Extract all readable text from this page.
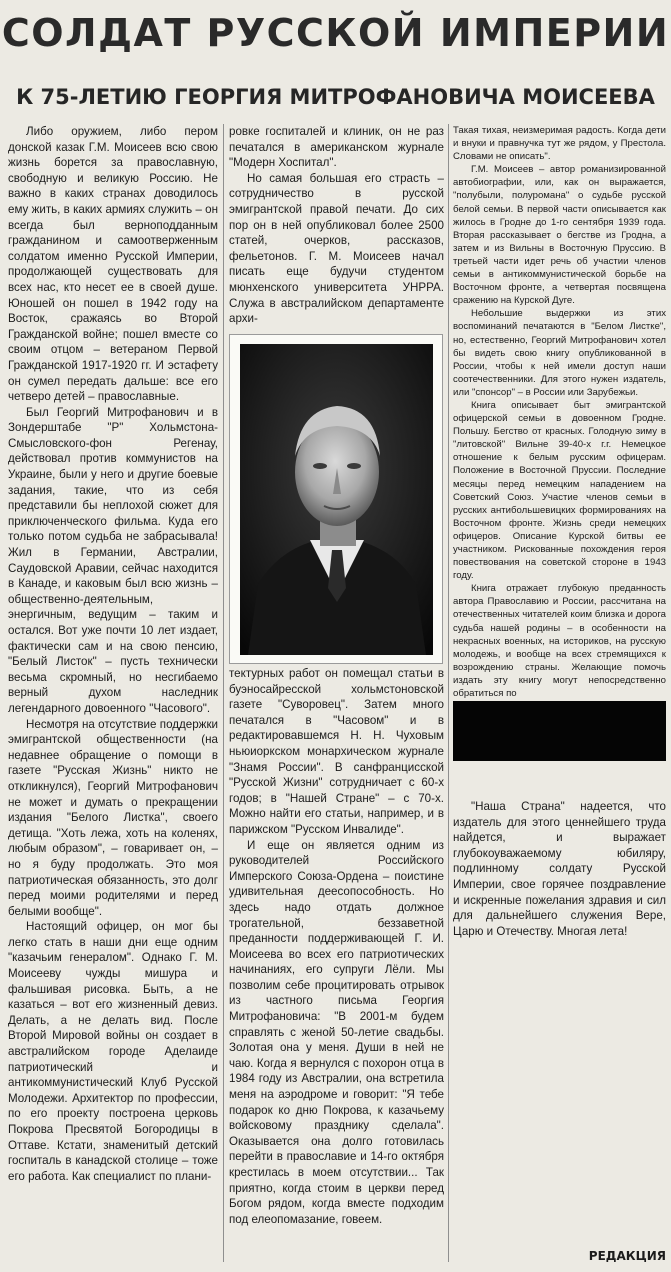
СОЛДАТ РУССКОЙ ИМПЕРИИ
К 75-ЛЕТИЮ ГЕОРГИЯ МИТРОФАНОВИЧА МОИСЕЕВА

Либо оружием, либо пером донской казак Г.М. Моисеев всю свою жизнь борется за православную, свободную и великую Россию. Не важно в каких странах доводилось ему жить, в каких армиях служить – он всегда был верноподданным гражданином и самоотверженным солдатом именно Русской Империи, продолжающей существовать для всех нас, кто несет ее в своей душе. Юношей он пошел в 1942 году на Восток, сражаясь во Второй Гражданской войне; пошел вместе со своим отцом – ветераном Первой Гражданской 1917-1920 гг. И эстафету он сумел передать дальше: все его четверо детей – православные.

Был Георгий Митрофанович и в Зондерштабе "Р" Хольмстона-Смысловского-фон Регенау, действовал против коммунистов на Украине, были у него и другие боевые задания, такие, что из себя представили бы неплохой сюжет для приключенческого фильма. Куда его только потом судьба не забрасывала! Жил в Германии, Австралии, Саудовской Аравии, сейчас находится в Канаде, и каковым был всю жизнь – общественно-деятельным, энергичным, ведущим – таким и остался. Вот уже почти 10 лет издает, фактически сам и на свою пенсию, "Белый Листок" – пусть технически весьма скромный, но несгибаемо верный духом наследник легендарного довоенного "Часового".

Несмотря на отсутствие поддержки эмигрантской общественности (на недавнее обращение о помощи в газете "Русская Жизнь" никто не откликнулся), Георгий Митрофанович не может и думать о прекращении издания "Белого Листка", своего детища. "Хоть лежа, хоть на коленях, любым образом", – говаривает он, – но я буду продолжать. Это моя патриотическая обязанность, это долг перед моими родителями и перед белыми вообще".

Настоящий офицер, он мог бы легко стать в наши дни еще одним "казачьим генералом". Однако Г. М. Моисееву чужды мишура и фальшивая рисовка. Быть, а не казаться – вот его жизненный девиз. Делать, а не делать вид. После Второй Мировой войны он создает в австралийском городе Аделаиде патриотический и антикоммунистический Клуб Русской Молодежи. Архитектор по профессии, по его проекту построена церковь Покрова Пресвятой Богородицы в Оттаве. Кстати, знаменитый детский госпиталь в канадской столице – тоже его работа. Как специалист по плани-

ровке госпиталей и клиник, он не раз печатался в американском журнале "Модерн Хоспитал".

Но самая большая его страсть – сотрудничество в русской эмигрантской правой печати. До сих пор он в ней опубликовал более 2500 статей, очерков, рассказов, фельетонов. Г. М. Моисеев начал писать еще будучи студентом мюнхенского университета УНРРА. Служа в австралийском департаменте архи-

тектурных работ он помещал статьи в буэносайресской хольмстоновской газете "Суворовец". Затем много печатался в "Часовом" и в редактировавшемся Н. Н. Чуховым ньюиоркском монархическом журнале "Знамя России". В санфранцисской "Русской Жизни" сотрудничает с 60-х годов; в "Нашей Стране" – с 70-х. Можно найти его статьи, например, и в парижском "Русском Инвалиде".

И еще он является одним из руководителей Российского Имперского Союза-Ордена – поистине удивительная деесопособность. Но здесь надо отдать должное трогательной, беззаветной преданности поддерживающей Г. И. Моисеева во всех его патриотических начинаниях, его супруги Лёли. Мы позволим себе процитировать отрывок из частного письма Георгия Митрофановича: "В 2001-м будем справлять с женой 50-летие свадьбы. Золотая она у меня. Души в ней не чаю. Когда я вернулся с похорон отца в 1984 году из Австралии, она встретила меня на аэродроме и говорит: "Я тебе подарок ко дню Покрова, к казачьему войсковому празднику сделала". Оказывается она долго готовилась перейти в православие и 14-го октября крестилась в моем отсутствии... Так приятно, когда стоим в церкви перед Богом рядом, когда вместе подходим под елеопомазание, говеем.

Такая тихая, неизмеримая радость. Когда дети и внуки и правнучка тут же рядом, у Престола. Словами не описать".

Г.М. Моисеев – автор романизированной автобиографии, или, как он выражается, "полубыли, полуромана" о судьбе русской белой семьи. В первой части описывается как жилось в Гродне до 1-го сентября 1939 года. Вторая рассказывает о бегстве из Гродна, а затем и из Вильны в Восточную Пруссию. В третьей части идет речь об участии членов семьи в антикоммунистической борьбе на Восточном фронте, а четвертая посвящена сражению на Курской Дуге.

Небольшие выдержки из этих воспоминаний печатаются в "Белом Листке", но, естественно, Георгий Митрофанович хотел бы видеть свою книгу опубликованной в России, чтобы к ней имели доступ наши соотечественники. Для этого нужен издатель, или "спонсор" – в России или Зарубежьи.

Книга описывает быт эмигрантской офицерской семьи в довоенном Гродне. Польшу. Бегство от красных. Голодную зиму в "литовской" Вильне 39-40-х г.г. Немецкое отношение к белым русским офицерам. Положение в Восточной Пруссии. Последние месяцы перед немецким нападением на Советский Союз. Участие членов семьи в русских антибольшевицких формированиях на Восточном фронте. Жизнь среди немецких офицеров. Описание Курской битвы ее участником. Рискованные похождения героя повествования на советской стороне в 1943 году.

Книга отражает глубокую преданность автора Православию и России, рассчитана на отечественных читателей коим близка и дорога судьба нашей родины – в особенности на некрасных военных, на историков, на русскую молодежь, и вообще на всех стремящихся к возрождению страны. Желающие помочь издать эту книгу могут непосредственно обратиться по

"Наша Страна" надеется, что издатель для этого ценнейшего труда найдется, и выражает глубокоуважаемому юбиляру, подлинному солдату Русской Империи, свое горячее поздравление и искренные пожелания здравия и сил для дальнейшего служения Вере, Царю и Отечеству. Многая лета!

РЕДАКЦИЯ
